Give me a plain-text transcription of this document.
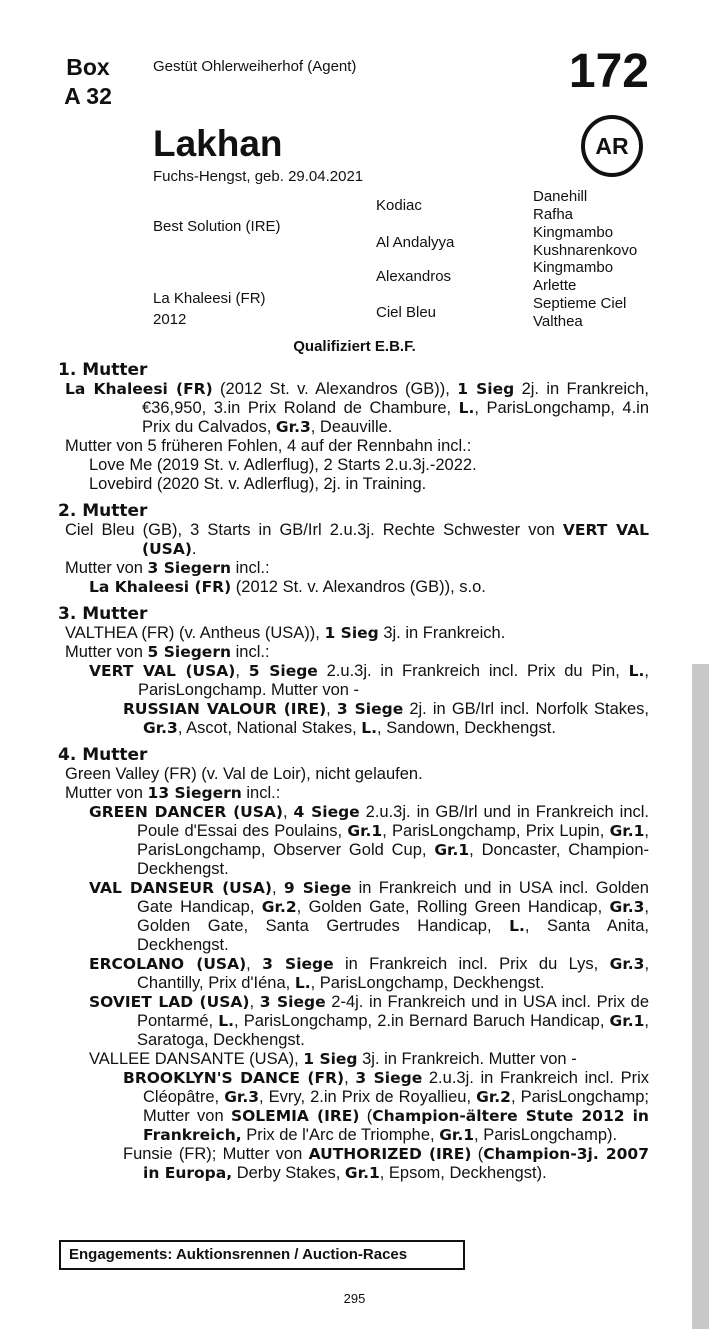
Box
A 32
Gestüt Ohlerweiherhof (Agent)	172
Lakhan	AR
Fuchs-Hengst, geb. 29.04.2021
Best Solution (IRE)
La Khaleesi (FR)
2012
Kodiac
Al Andalyya
Alexandros
Ciel Bleu
Danehill
Rafha
Kingmambo
Kushnarenkovo
Kingmambo
Arlette
Septieme Ciel
Valthea
Qualifiziert E.B.F.
1. Mutter
La Khaleesi (FR) (2012 St. v. Alexandros (GB)), 1 Sieg 2j. in Frankreich, €36,950, 3.in Prix Roland de Chambure, L., ParisLongchamp, 4.in Prix du Calvados, Gr.3, Deauville.
Mutter von 5 früheren Fohlen, 4 auf der Rennbahn incl.:
Love Me (2019 St. v. Adlerflug), 2 Starts 2.u.3j.-2022.
Lovebird (2020 St. v. Adlerflug), 2j. in Training.
2. Mutter
Ciel Bleu (GB), 3 Starts in GB/Irl 2.u.3j. Rechte Schwester von VERT VAL (USA).
Mutter von 3 Siegern incl.:
La Khaleesi (FR) (2012 St. v. Alexandros (GB)), s.o.
3. Mutter
VALTHEA (FR) (v. Antheus (USA)), 1 Sieg 3j. in Frankreich.
Mutter von 5 Siegern incl.:
VERT VAL (USA), 5 Siege 2.u.3j. in Frankreich incl. Prix du Pin, L., ParisLongchamp. Mutter von -
RUSSIAN VALOUR (IRE), 3 Siege 2j. in GB/Irl incl. Norfolk Stakes, Gr.3, Ascot, National Stakes, L., Sandown, Deckhengst.
4. Mutter
Green Valley (FR) (v. Val de Loir), nicht gelaufen.
Mutter von 13 Siegern incl.:
GREEN DANCER (USA), 4 Siege 2.u.3j. in GB/Irl und in Frankreich incl. Poule d'Essai des Poulains, Gr.1, ParisLongchamp, Prix Lupin, Gr.1, ParisLongchamp, Observer Gold Cup, Gr.1, Doncaster, Champion-Deckhengst.
VAL DANSEUR (USA), 9 Siege in Frankreich und in USA incl. Golden Gate Handicap, Gr.2, Golden Gate, Rolling Green Handicap, Gr.3, Golden Gate, Santa Gertrudes Handicap, L., Santa Anita, Deckhengst.
ERCOLANO (USA), 3 Siege in Frankreich incl. Prix du Lys, Gr.3, Chantilly, Prix d'Iéna, L., ParisLongchamp, Deckhengst.
SOVIET LAD (USA), 3 Siege 2-4j. in Frankreich und in USA incl. Prix de Pontarmé, L., ParisLongchamp, 2.in Bernard Baruch Handicap, Gr.1, Saratoga, Deckhengst.
VALLEE DANSANTE (USA), 1 Sieg 3j. in Frankreich. Mutter von -
BROOKLYN'S DANCE (FR), 3 Siege 2.u.3j. in Frankreich incl. Prix Cléopâtre, Gr.3, Evry, 2.in Prix de Royallieu, Gr.2, ParisLongchamp; Mutter von SOLEMIA (IRE) (Champion-ältere Stute 2012 in Frankreich, Prix de l'Arc de Triomphe, Gr.1, ParisLongchamp).
Funsie (FR); Mutter von AUTHORIZED (IRE) (Champion-3j. 2007 in Europa, Derby Stakes, Gr.1, Epsom, Deckhengst).
Engagements: Auktionsrennen / Auction-Races
295
